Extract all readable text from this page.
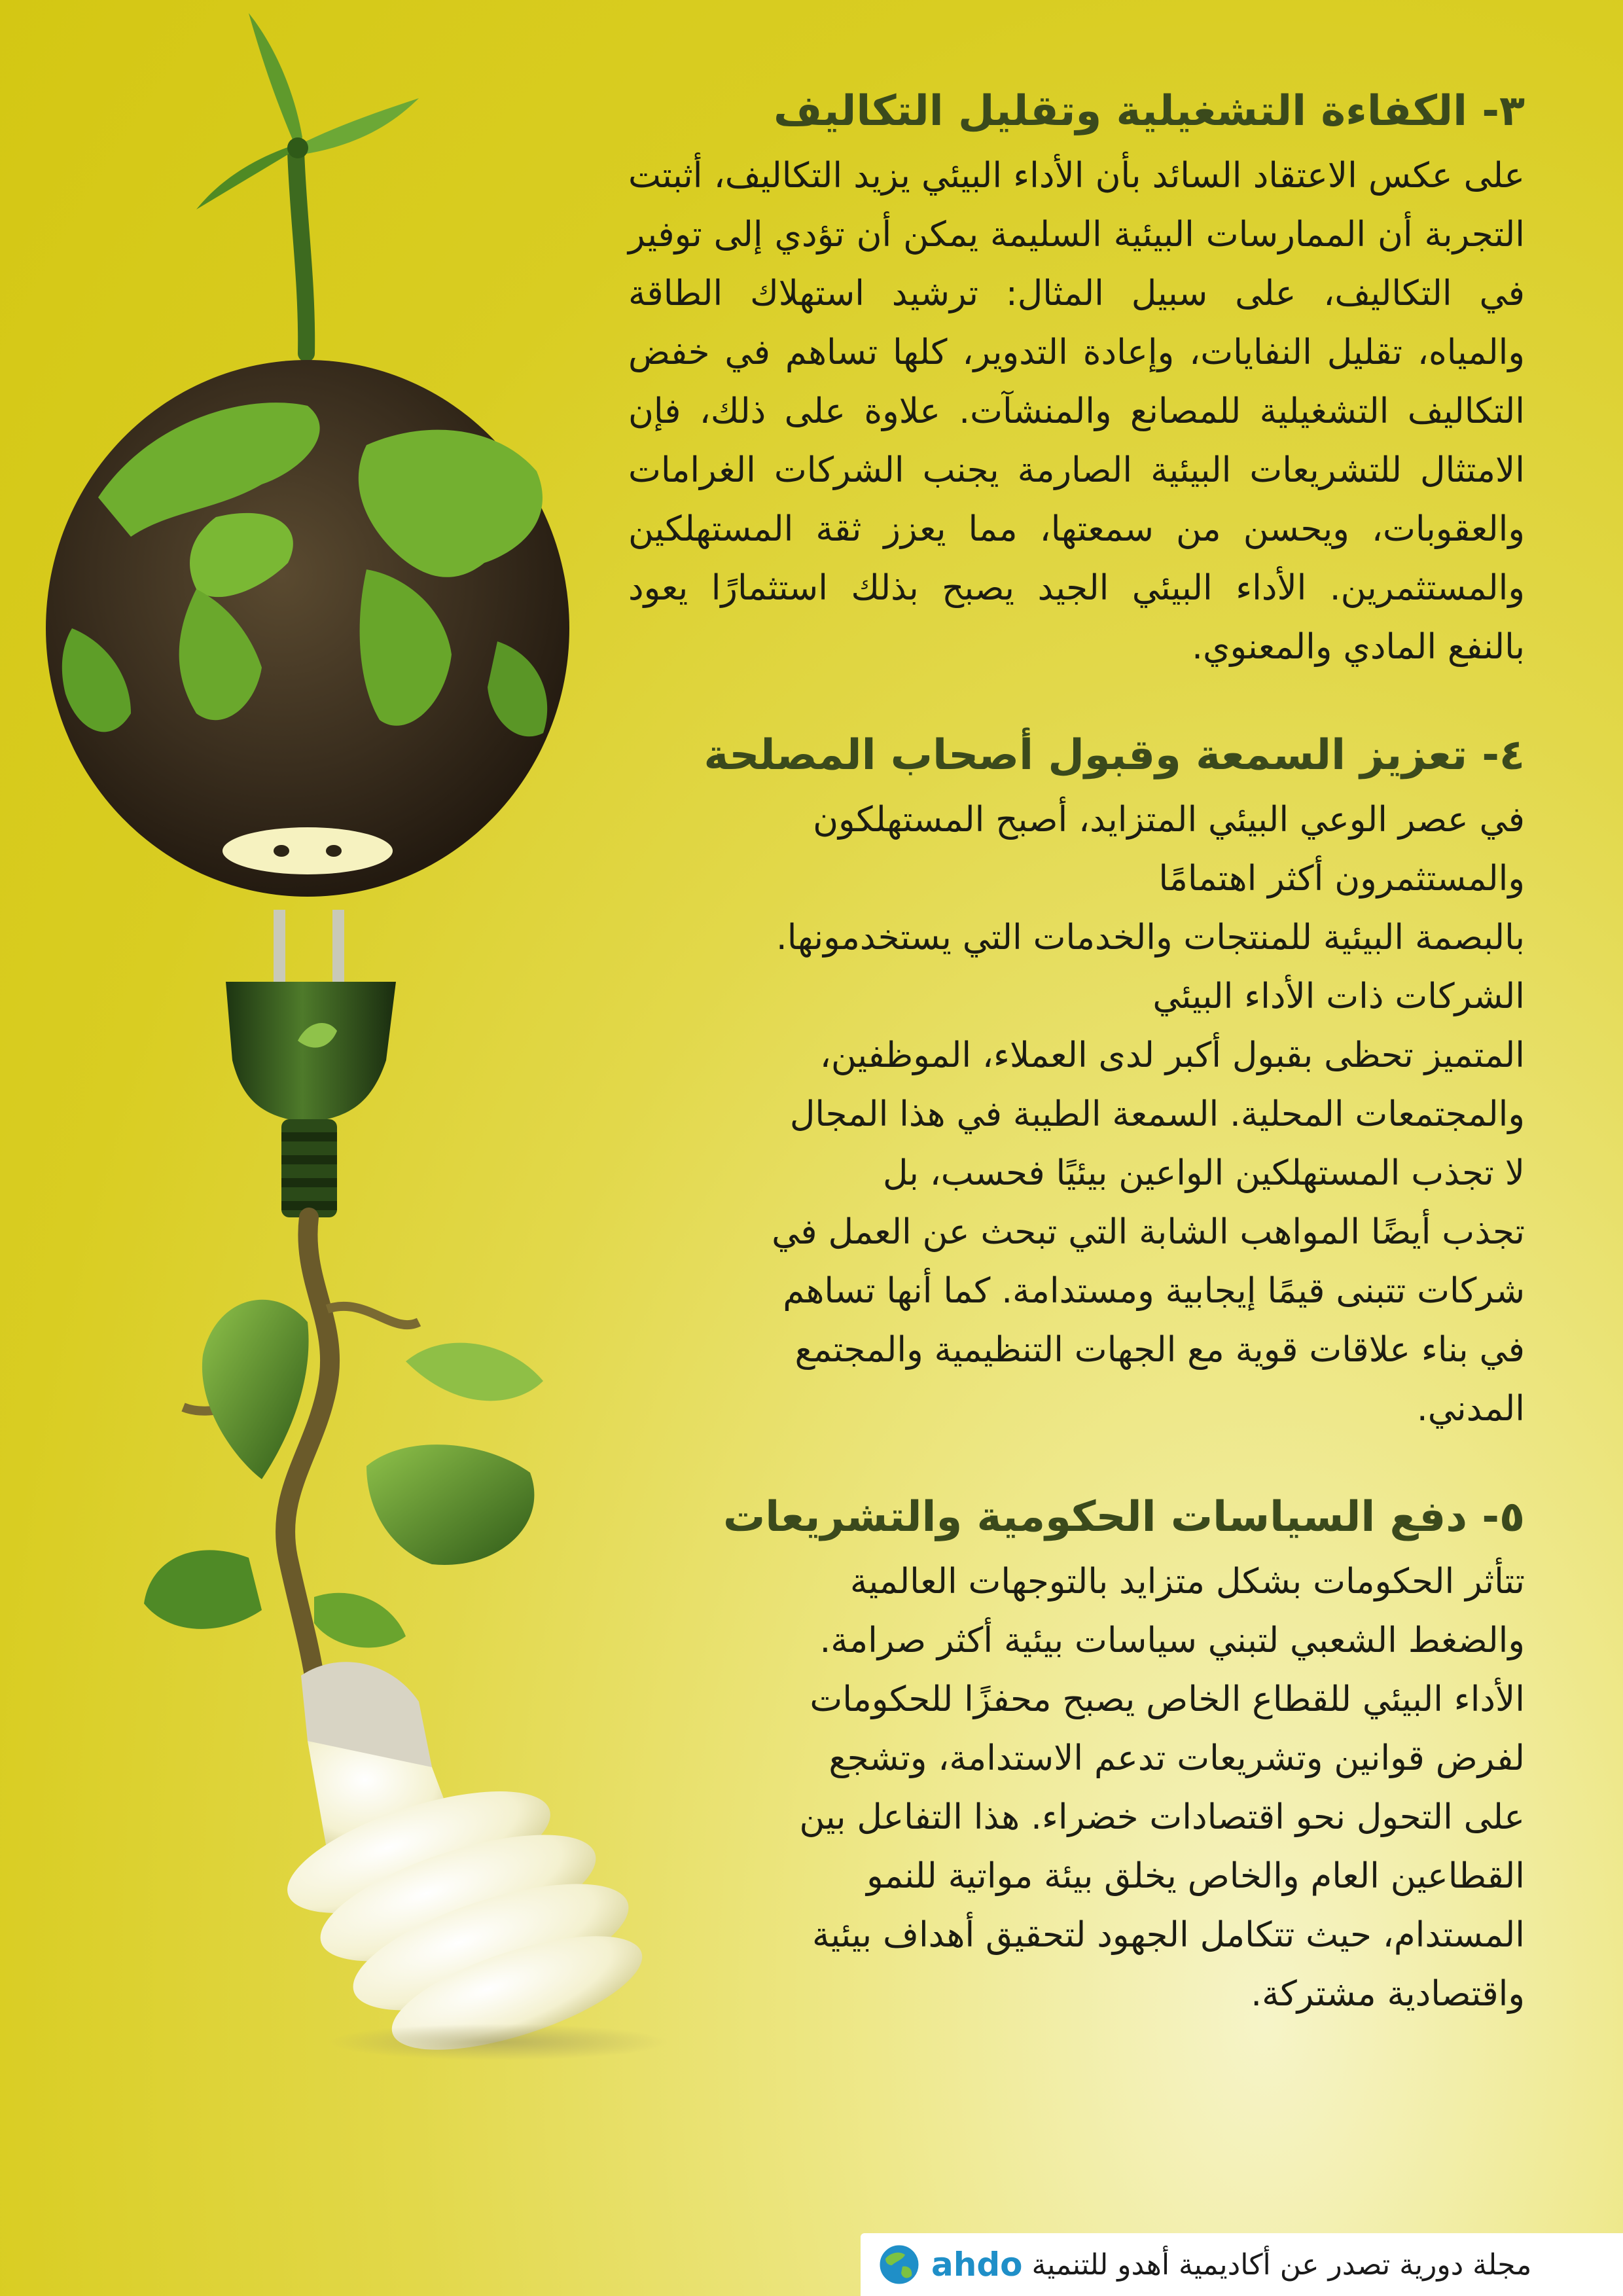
٣- الكفاءة التشغيلية وتقليل التكاليف

على عكس الاعتقاد السائد بأن الأداء البيئي يزيد التكاليف، أثبتت التجربة أن الممارسات البيئية السليمة يمكن أن تؤدي إلى توفير في التكاليف، على سبيل المثال: ترشيد استهلاك الطاقة والمياه، تقليل النفايات، وإعادة التدوير، كلها تساهم في خفض التكاليف التشغيلية للمصانع والمنشآت. علاوة على ذلك، فإن الامتثال للتشريعات البيئية الصارمة يجنب الشركات الغرامات والعقوبات، ويحسن من سمعتها، مما يعزز ثقة المستهلكين والمستثمرين. الأداء البيئي الجيد يصبح بذلك استثمارًا يعود بالنفع المادي والمعنوي.

٤- تعزيز السمعة وقبول أصحاب المصلحة

في عصر الوعي البيئي المتزايد، أصبح المستهلكون
والمستثمرون أكثر اهتمامًا
بالبصمة البيئية للمنتجات والخدمات التي يستخدمونها.
الشركات ذات الأداء البيئي
المتميز تحظى بقبول أكبر لدى العملاء، الموظفين،
والمجتمعات المحلية. السمعة الطيبة في هذا المجال
لا تجذب المستهلكين الواعين بيئيًا فحسب، بل
تجذب أيضًا المواهب الشابة التي تبحث عن العمل في
شركات تتبنى قيمًا إيجابية ومستدامة. كما أنها تساهم
في بناء علاقات قوية مع الجهات التنظيمية والمجتمع
المدني.

٥- دفع السياسات الحكومية والتشريعات

تتأثر الحكومات بشكل متزايد بالتوجهات العالمية
والضغط الشعبي لتبني سياسات بيئية أكثر صرامة.
الأداء البيئي للقطاع الخاص يصبح محفزًا للحكومات
لفرض قوانين وتشريعات تدعم الاستدامة، وتشجع
على التحول نحو اقتصادات خضراء. هذا التفاعل بين
القطاعين العام والخاص يخلق بيئة مواتية للنمو
المستدام، حيث تتكامل الجهود لتحقيق أهداف بيئية
واقتصادية مشتركة.

مجلة دورية تصدر عن أكاديمية أهدو للتنمية
ahdo
